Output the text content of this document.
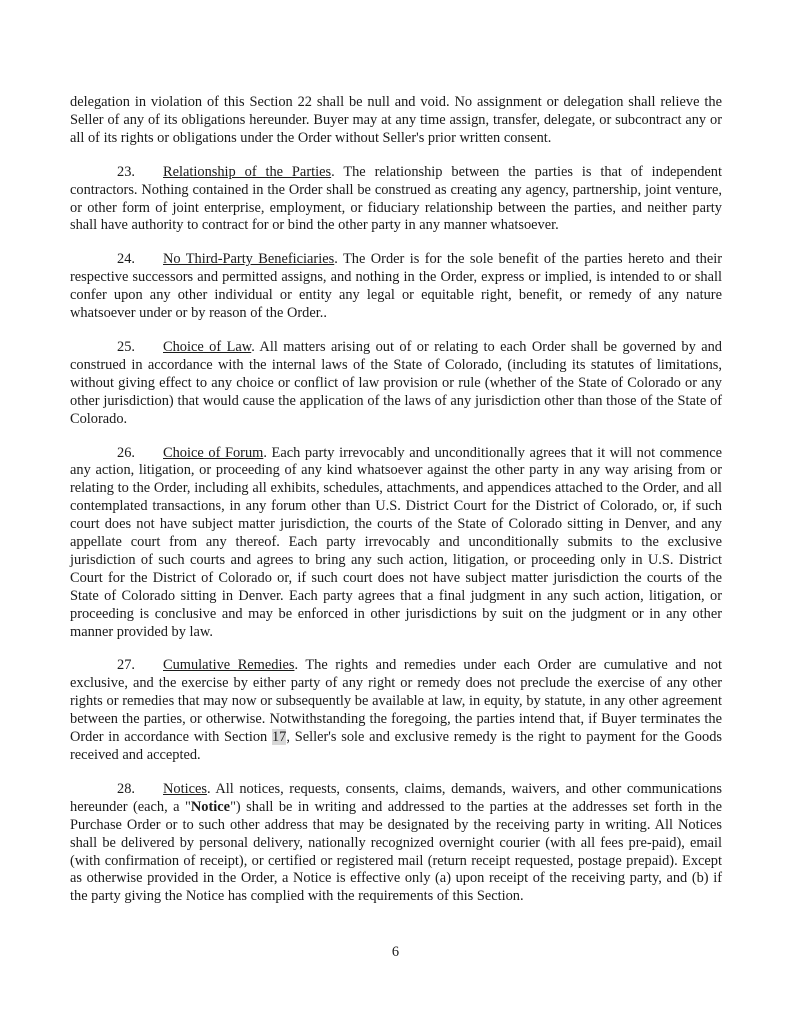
delegation in violation of this Section 22 shall be null and void. No assignment or delegation shall relieve the Seller of any of its obligations hereunder. Buyer may at any time assign, transfer, delegate, or subcontract any or all of its rights or obligations under the Order without Seller's prior written consent.

23. Relationship of the Parties. The relationship between the parties is that of independent contractors. Nothing contained in the Order shall be construed as creating any agency, partnership, joint venture, or other form of joint enterprise, employment, or fiduciary relationship between the parties, and neither party shall have authority to contract for or bind the other party in any manner whatsoever.

24. No Third-Party Beneficiaries. The Order is for the sole benefit of the parties hereto and their respective successors and permitted assigns, and nothing in the Order, express or implied, is intended to or shall confer upon any other individual or entity any legal or equitable right, benefit, or remedy of any nature whatsoever under or by reason of the Order..

25. Choice of Law. All matters arising out of or relating to each Order shall be governed by and construed in accordance with the internal laws of the State of Colorado, (including its statutes of limitations, without giving effect to any choice or conflict of law provision or rule (whether of the State of Colorado or any other jurisdiction) that would cause the application of the laws of any jurisdiction other than those of the State of Colorado.

26. Choice of Forum. Each party irrevocably and unconditionally agrees that it will not commence any action, litigation, or proceeding of any kind whatsoever against the other party in any way arising from or relating to the Order, including all exhibits, schedules, attachments, and appendices attached to the Order, and all contemplated transactions, in any forum other than U.S. District Court for the District of Colorado, or, if such court does not have subject matter jurisdiction, the courts of the State of Colorado sitting in Denver, and any appellate court from any thereof. Each party irrevocably and unconditionally submits to the exclusive jurisdiction of such courts and agrees to bring any such action, litigation, or proceeding only in U.S. District Court for the District of Colorado or, if such court does not have subject matter jurisdiction the courts of the State of Colorado sitting in Denver. Each party agrees that a final judgment in any such action, litigation, or proceeding is conclusive and may be enforced in other jurisdictions by suit on the judgment or in any other manner provided by law.

27. Cumulative Remedies. The rights and remedies under each Order are cumulative and not exclusive, and the exercise by either party of any right or remedy does not preclude the exercise of any other rights or remedies that may now or subsequently be available at law, in equity, by statute, in any other agreement between the parties, or otherwise. Notwithstanding the foregoing, the parties intend that, if Buyer terminates the Order in accordance with Section 17, Seller's sole and exclusive remedy is the right to payment for the Goods received and accepted.

28. Notices. All notices, requests, consents, claims, demands, waivers, and other communications hereunder (each, a "Notice") shall be in writing and addressed to the parties at the addresses set forth in the Purchase Order or to such other address that may be designated by the receiving party in writing. All Notices shall be delivered by personal delivery, nationally recognized overnight courier (with all fees pre-paid), email (with confirmation of receipt), or certified or registered mail (return receipt requested, postage prepaid). Except as otherwise provided in the Order, a Notice is effective only (a) upon receipt of the receiving party, and (b) if the party giving the Notice has complied with the requirements of this Section.

6
